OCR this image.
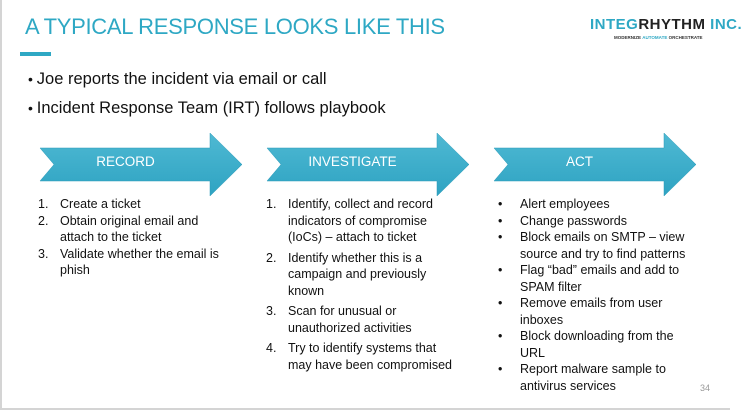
A TYPICAL RESPONSE LOOKS LIKE THIS	INTEGRHYTHM INC.
MODERNIZE AUTOMATE ORCHESTRATE
• Joe reports the incident via email or call
• Incident Response Team (IRT) follows playbook
RECORD	INVESTIGATE	ACT
1. Create a ticket
2. Obtain original email and attach to the ticket
3. Validate whether the email is phish
1. Identify, collect and record indicators of compromise (IoCs) – attach to ticket
2. Identify whether this is a campaign and previously known
3. Scan for unusual or unauthorized activities
4. Try to identify systems that may have been compromised
• Alert employees
• Change passwords
• Block emails on SMTP – view source and try to find patterns
• Flag “bad” emails and add to SPAM filter
• Remove emails from user inboxes
• Block downloading from the URL
• Report malware sample to antivirus services	34
